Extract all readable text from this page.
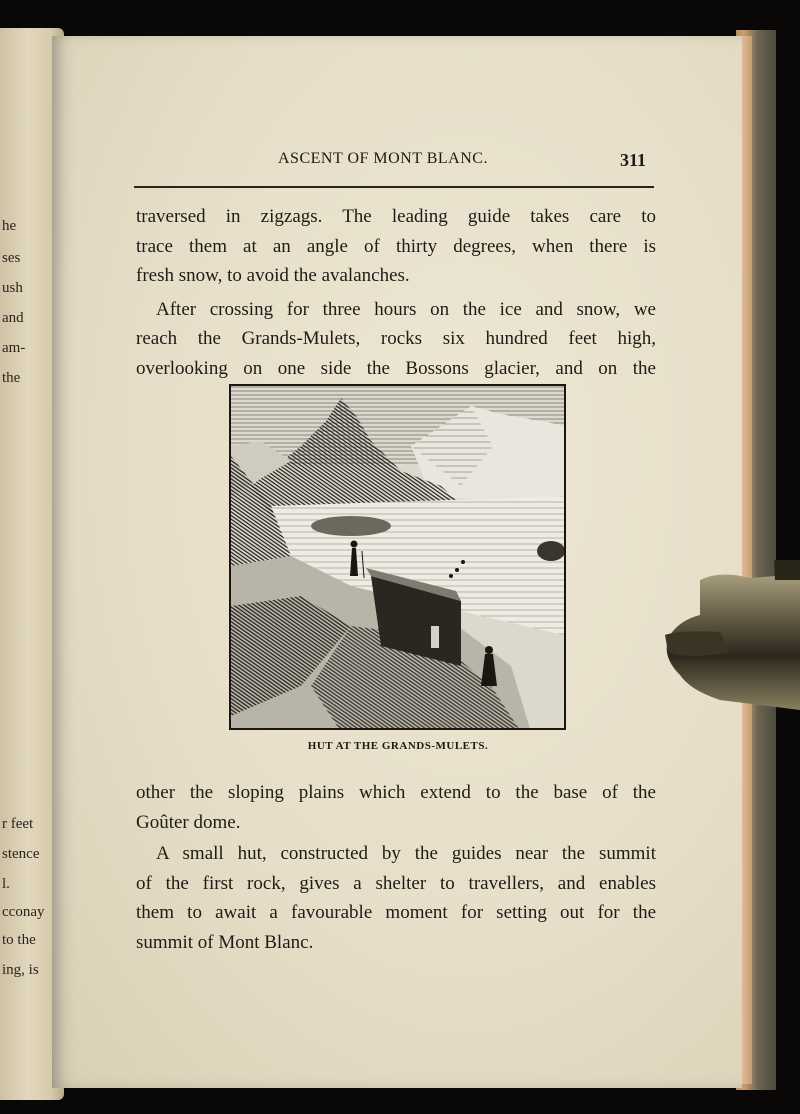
he
ses
ush
and
am-
the
r feet
stence
l.
cconay
to the
ing, is
ASCENT OF MONT BLANC.	311
traversed in zigzags. The leading guide takes care to
trace them at an angle of thirty degrees, when there is
fresh snow, to avoid the avalanches.
After crossing for three hours on the ice and snow, we
reach the Grands-Mulets, rocks six hundred feet high,
overlooking on one side the Bossons glacier, and on the
HUT AT THE GRANDS-MULETS.
other the sloping plains which extend to the base of the
Goûter dome.
A small hut, constructed by the guides near the summit
of the first rock, gives a shelter to travellers, and enables
them to await a favourable moment for setting out for the
summit of Mont Blanc.
